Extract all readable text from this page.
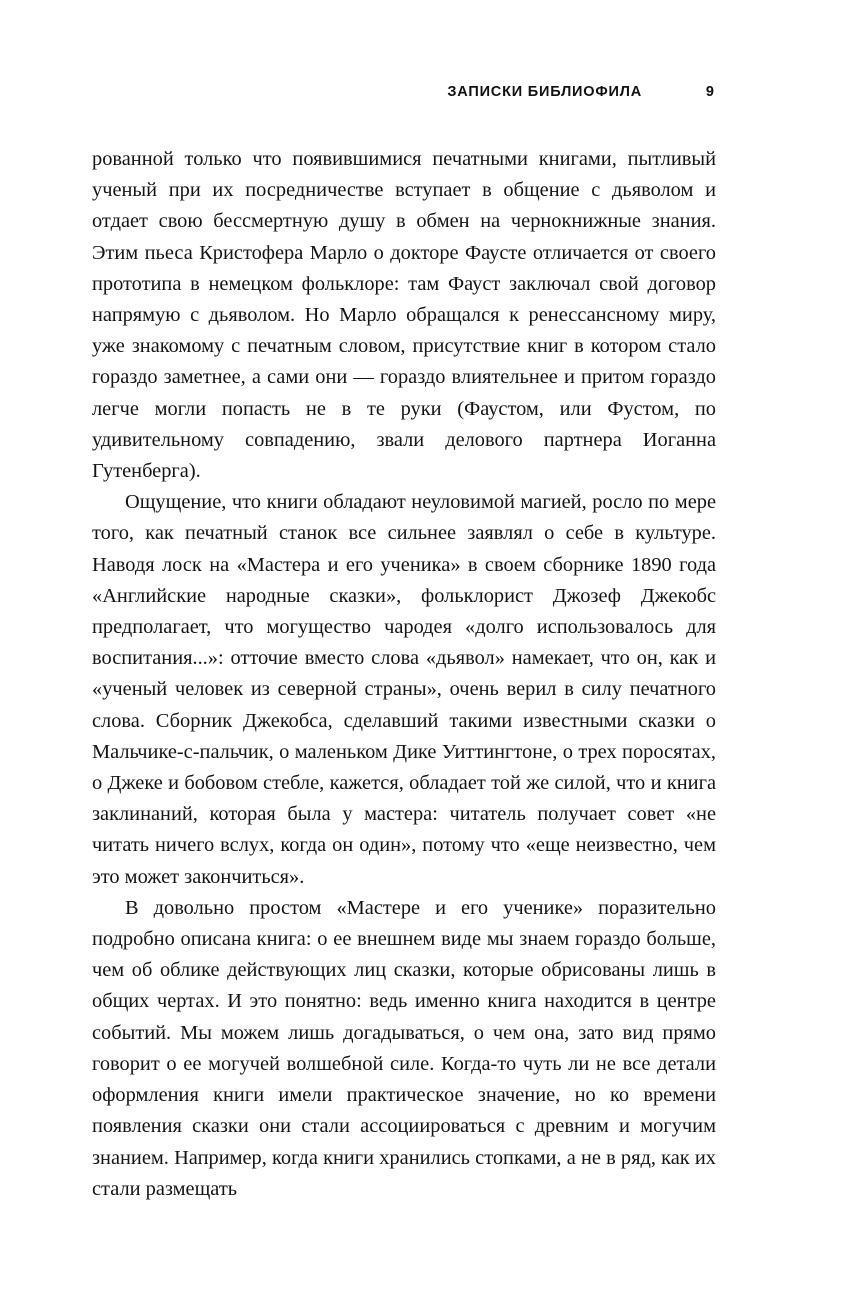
ЗАПИСКИ БИБЛИОФИЛА	9

рованной только что появившимися печатными книгами, пытливый ученый при их посредничестве вступает в общение с дьяволом и отдает свою бессмертную душу в обмен на чернокнижные знания. Этим пьеса Кристофера Марло о докторе Фаусте отличается от своего прототипа в немецком фольклоре: там Фауст заключал свой договор напрямую с дьяволом. Но Марло обращался к ренессансному миру, уже знакомому с печатным словом, присутствие книг в котором стало гораздо заметнее, а сами они — гораздо влиятельнее и притом гораздо легче могли попасть не в те руки (Фаустом, или Фустом, по удивительному совпадению, звали делового партнера Иоганна Гутенберга).

Ощущение, что книги обладают неуловимой магией, росло по мере того, как печатный станок все сильнее заявлял о себе в культуре. Наводя лоск на «Мастера и его ученика» в своем сборнике 1890 года «Английские народные сказки», фольклорист Джозеф Джекобс предполагает, что могущество чародея «долго использовалось для воспитания...»: отточие вместо слова «дьявол» намекает, что он, как и «ученый человек из северной страны», очень верил в силу печатного слова. Сборник Джекобса, сделавший такими известными сказки о Мальчике-с-пальчик, о маленьком Дике Уиттингтоне, о трех поросятах, о Джеке и бобовом стебле, кажется, обладает той же силой, что и книга заклинаний, которая была у мастера: читатель получает совет «не читать ничего вслух, когда он один», потому что «еще неизвестно, чем это может закончиться».

В довольно простом «Мастере и его ученике» поразительно подробно описана книга: о ее внешнем виде мы знаем гораздо больше, чем об облике действующих лиц сказки, которые обрисованы лишь в общих чертах. И это понятно: ведь именно книга находится в центре событий. Мы можем лишь догадываться, о чем она, зато вид прямо говорит о ее могучей волшебной силе. Когда-то чуть ли не все детали оформления книги имели практическое значение, но ко времени появления сказки они стали ассоциироваться с древним и могучим знанием. Например, когда книги хранились стопками, а не в ряд, как их стали размещать
